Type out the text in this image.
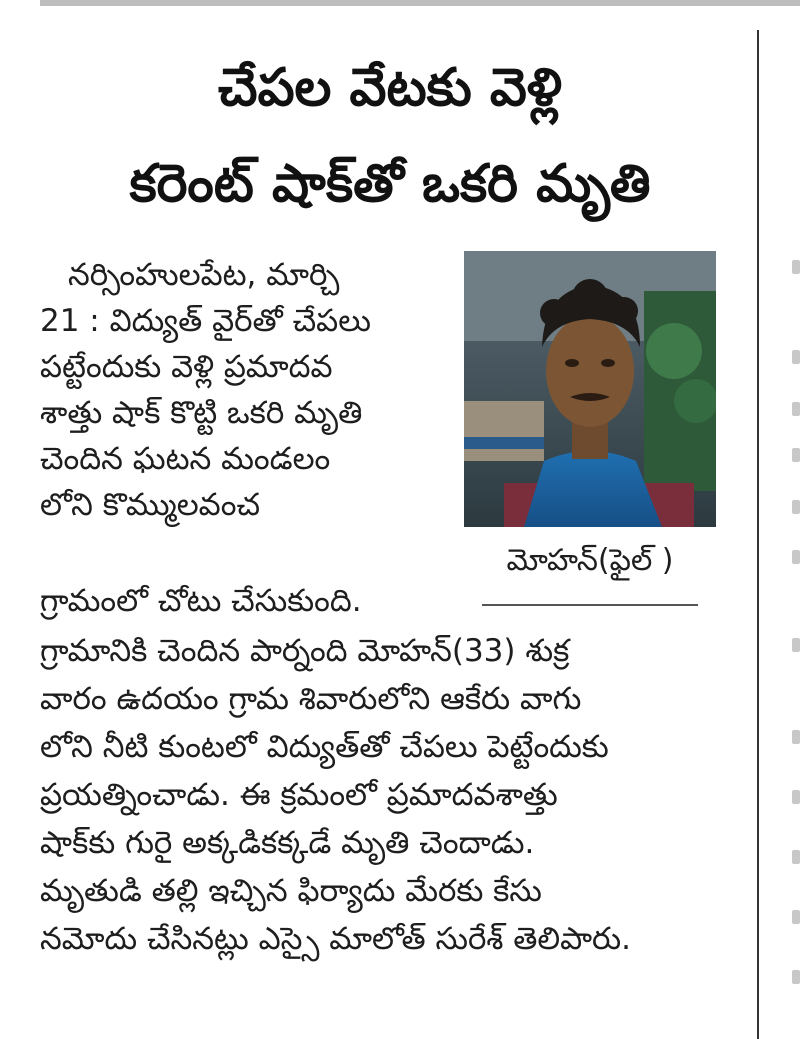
చేపల వేటకు వెళ్లి
కరెంట్ షాక్‌తో ఒకరి మృతి
నర్సింహులపేట, మార్చి
21 : విద్యుత్ వైర్‌తో చేపలు
పట్టేందుకు వెళ్లి ప్రమాదవ
శాత్తు షాక్ కొట్టి ఒకరి మృతి
చెందిన ఘటన మండలం
లోని కొమ్ములవంచ
గ్రామంలో చోటు చేసుకుంది.
మోహన్(ఫైల్ )
గ్రామానికి చెందిన పార్నంది మోహన్(33) శుక్ర
వారం ఉదయం గ్రామ శివారులోని ఆకేరు వాగు
లోని నీటి కుంటలో విద్యుత్‌తో చేపలు పెట్టేందుకు
ప్రయత్నించాడు. ఈ క్రమంలో ప్రమాదవశాత్తు
షాక్‌కు గురై అక్కడికక్కడే మృతి చెందాడు.
మృతుడి తల్లి ఇచ్చిన ఫిర్యాదు మేరకు కేసు
నమోదు చేసినట్లు ఎస్సై మాలోత్ సురేశ్ తెలిపారు.
